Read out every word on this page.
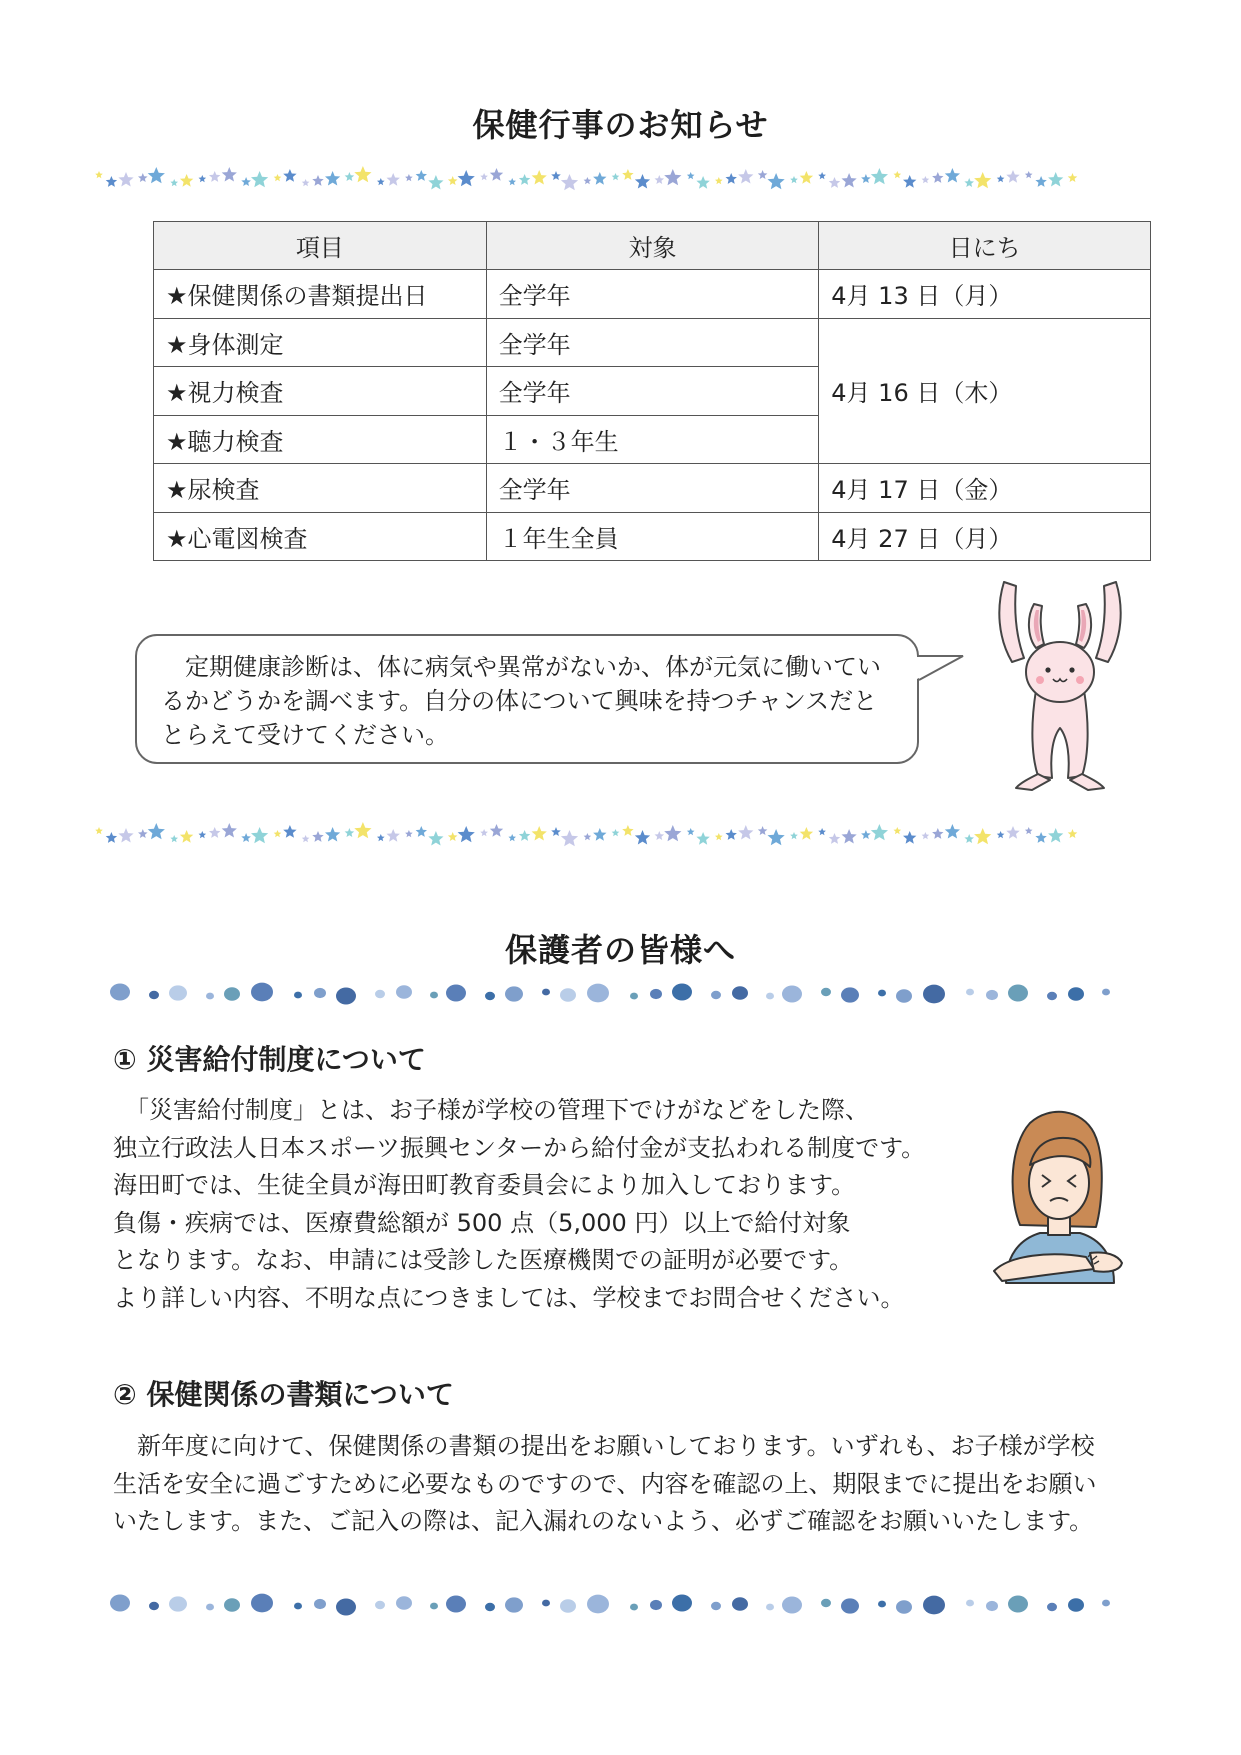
保健行事のお知らせ
項目	対象	日にち
★保健関係の書類提出日	全学年	4月 13 日（月）
★身体測定	全学年	4月 16 日（木）
★視力検査	全学年	
★聴力検査	１・３年生	
★尿検査	全学年	4月 17 日（金）
★心電図検査	１年生全員	4月 27 日（月）
　定期健康診断は、体に病気や異常がないか、体が元気に働いてい
るかどうかを調べます。自分の体について興味を持つチャンスだと
とらえて受けてください。
保護者の皆様へ
① 災害給付制度について

　「災害給付制度」とは、お子様が学校の管理下でけがなどをした際、
独立行政法人日本スポーツ振興センターから給付金が支払われる制度です。
海田町では、生徒全員が海田町教育委員会により加入しております。
負傷・疾病では、医療費総額が 500 点（5,000 円）以上で給付対象
となります。なお、申請には受診した医療機関での証明が必要です。
より詳しい内容、不明な点につきましては、学校までお問合せください。

② 保健関係の書類について

　新年度に向けて、保健関係の書類の提出をお願いしております。いずれも、お子様が学校
生活を安全に過ごすために必要なものですので、内容を確認の上、期限までに提出をお願い
いたします。また、ご記入の際は、記入漏れのないよう、必ずご確認をお願いいたします。
